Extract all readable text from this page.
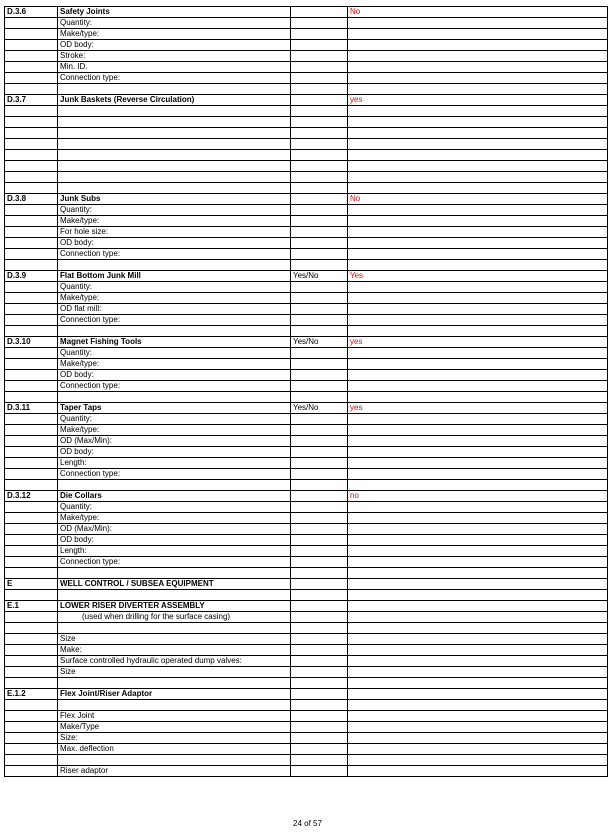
D.3.6	Safety Joints		No
	Quantity:		
	Make/type:		
	OD body:		
	Stroke:		
	Min. ID.		
	Connection type:		

D.3.7	Junk Baskets (Reverse Circulation)		yes

D.3.8	Junk Subs		No
	Quantity:		
	Make/type:		
	For hole size:		
	OD body:		
	Connection type:		

D.3.9	Flat Bottom Junk Mill	Yes/No	Yes
	Quantity:		
	Make/type:		
	OD flat mill:		
	Connection type:		

D.3.10	Magnet Fishing Tools	Yes/No	yes
	Quantity:		
	Make/type:		
	OD body:		
	Connection type:		

D.3.11	Taper Taps	Yes/No	yes
	Quantity:		
	Make/type:		
	OD (Max/Min):		
	OD body:		
	Length:		
	Connection type:		

D.3.12	Die Collars		no
	Quantity:		
	Make/type:		
	OD (Max/Min):		
	OD body:		
	Length:		
	Connection type:		

E	WELL CONTROL / SUBSEA EQUIPMENT		

E.1	LOWER RISER DIVERTER ASSEMBLY		
	(used when drilling for the surface casing)		

	Size		
	Make:		
	Surface controlled hydraulic operated dump valves:		
	Size		

E.1.2	Flex Joint/Riser Adaptor		

	Flex Joint		
	Make/Type		
	Size:		
	Max. deflection		

	Riser adaptor		
24 of 57
